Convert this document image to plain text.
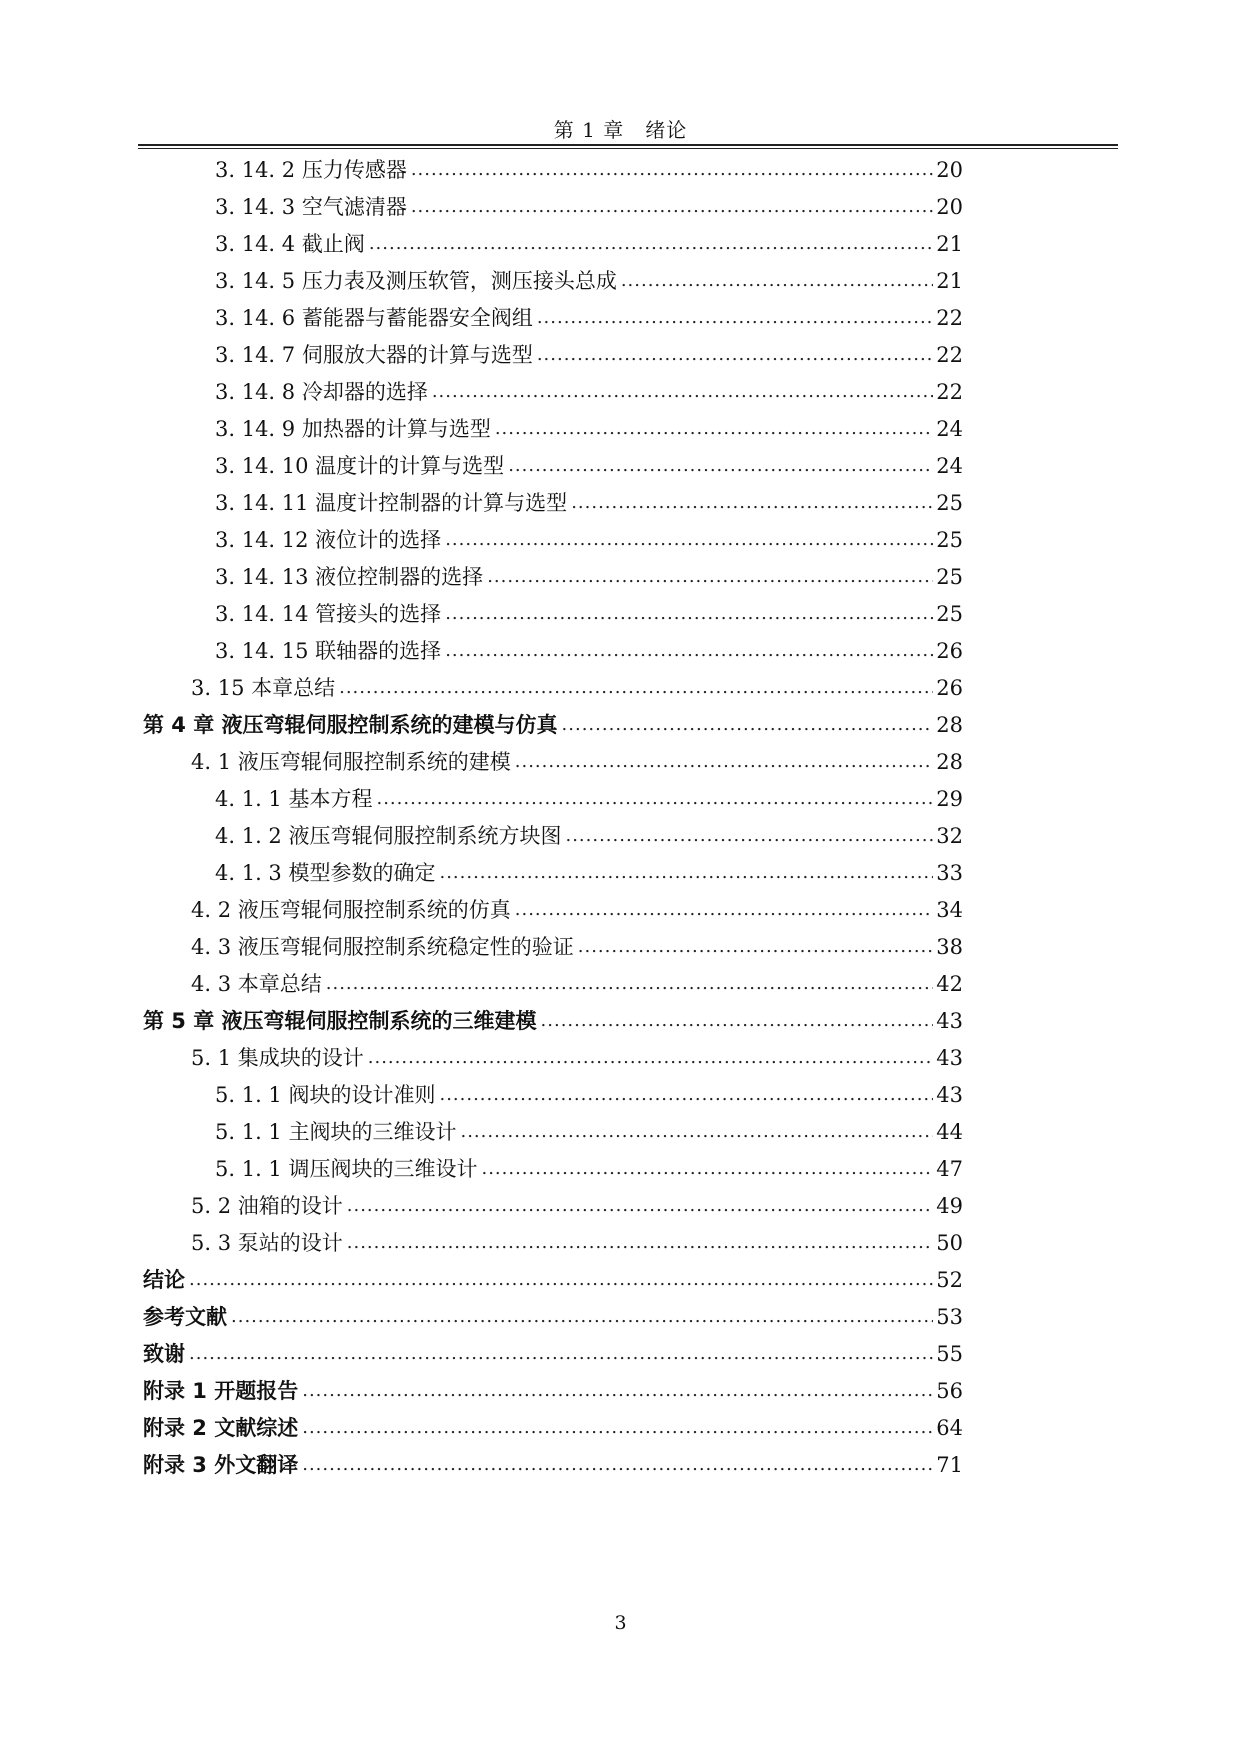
第 1 章　绪论
3. 14. 2 压力传感器 .....	20
3. 14. 3 空气滤清器 .....	20
3. 14. 4 截止阀 .....	21
3. 14. 5 压力表及测压软管，测压接头总成 .....	21
3. 14. 6 蓄能器与蓄能器安全阀组 .....	22
3. 14. 7 伺服放大器的计算与选型 .....	22
3. 14. 8 冷却器的选择 .....	22
3. 14. 9 加热器的计算与选型 .....	24
3. 14. 10 温度计的计算与选型 .....	24
3. 14. 11 温度计控制器的计算与选型 .....	25
3. 14. 12 液位计的选择 .....	25
3. 14. 13 液位控制器的选择 .....	25
3. 14. 14 管接头的选择 .....	25
3. 14. 15 联轴器的选择 .....	26
3. 15 本章总结 .....	26
第 4 章 液压弯辊伺服控制系统的建模与仿真 .....	28
4. 1 液压弯辊伺服控制系统的建模 .....	28
4. 1. 1 基本方程 .....	29
4. 1. 2 液压弯辊伺服控制系统方块图 .....	32
4. 1. 3 模型参数的确定 .....	33
4. 2 液压弯辊伺服控制系统的仿真 .....	34
4. 3 液压弯辊伺服控制系统稳定性的验证 .....	38
4. 3 本章总结 .....	42
第 5 章 液压弯辊伺服控制系统的三维建模 .....	43
5. 1 集成块的设计 .....	43
5. 1. 1 阀块的设计准则 .....	43
5. 1. 1 主阀块的三维设计 .....	44
5. 1. 1 调压阀块的三维设计 .....	47
5. 2 油箱的设计 .....	49
5. 3 泵站的设计 .....	50
结论 .....	52
参考文献 .....	53
致谢 .....	55
附录 1 开题报告 .....	56
附录 2 文献综述 .....	64
附录 3 外文翻译 .....	71
3
